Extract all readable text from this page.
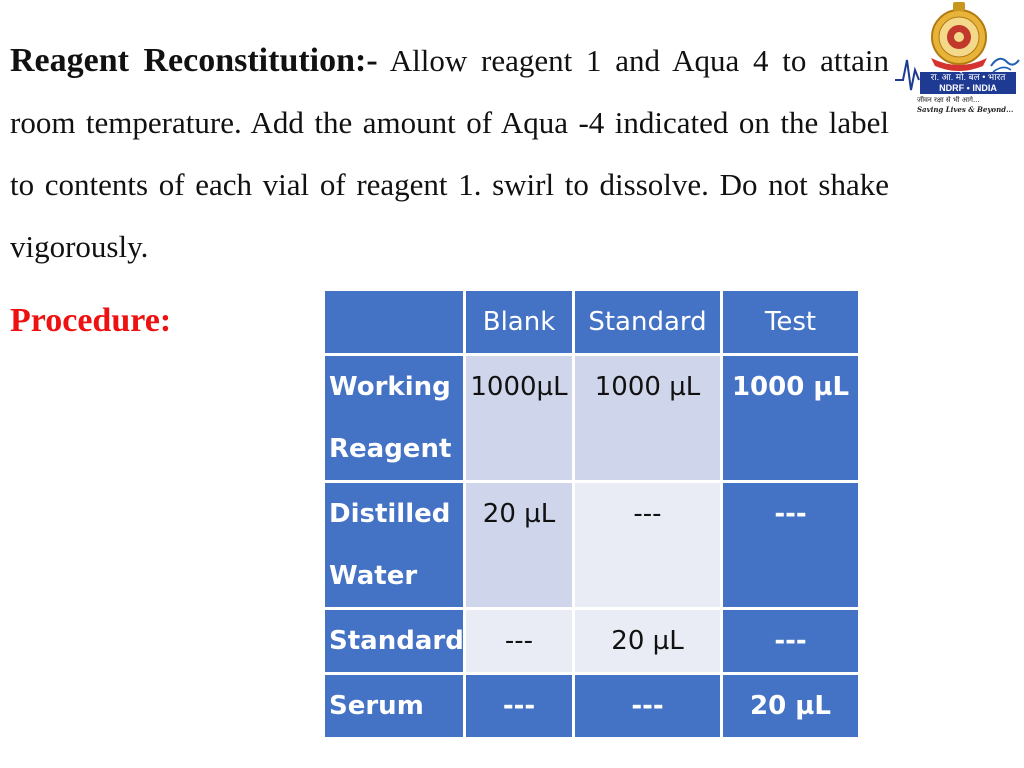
Reagent Reconstitution:- Allow reagent 1 and Aqua 4 to attain room temperature. Add the amount of Aqua -4 indicated on the label to contents of each vial of reagent 1. swirl to dissolve. Do not shake vigorously.

Procedure:

रा. आ. मो. बल • भारत
NDRF • INDIA
जीवन रक्षा से भी आगे...
Saving Lives & Beyond...
	Blank	Standard	Test
Working Reagent	1000µL	1000 µL	1000 µL
Distilled Water	20 µL	---	---
Standard	---	20 µL	---
Serum	---	---	20 µL
